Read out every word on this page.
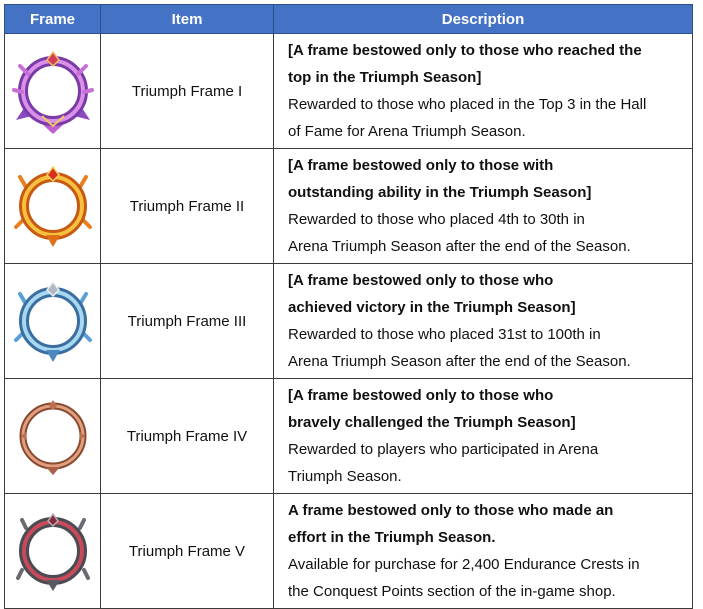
Frame	Item	Description

	Triumph Frame I	[A frame bestowed only to those who reached the
top in the Triumph Season]
Rewarded to those who placed in the Top 3 in the Hall
of Fame for Arena Triumph Season.

	Triumph Frame II	[A frame bestowed only to those with
outstanding ability in the Triumph Season]
Rewarded to those who placed 4th to 30th in
Arena Triumph Season after the end of the Season.

	Triumph Frame III	[A frame bestowed only to those who
achieved victory in the Triumph Season]
Rewarded to those who placed 31st to 100th in
Arena Triumph Season after the end of the Season.

	Triumph Frame IV	[A frame bestowed only to those who
bravely challenged the Triumph Season]
Rewarded to players who participated in Arena
Triumph Season.

	Triumph Frame V	A frame bestowed only to those who made an
effort in the Triumph Season.
Available for purchase for 2,400 Endurance Crests in
the Conquest Points section of the in-game shop.
